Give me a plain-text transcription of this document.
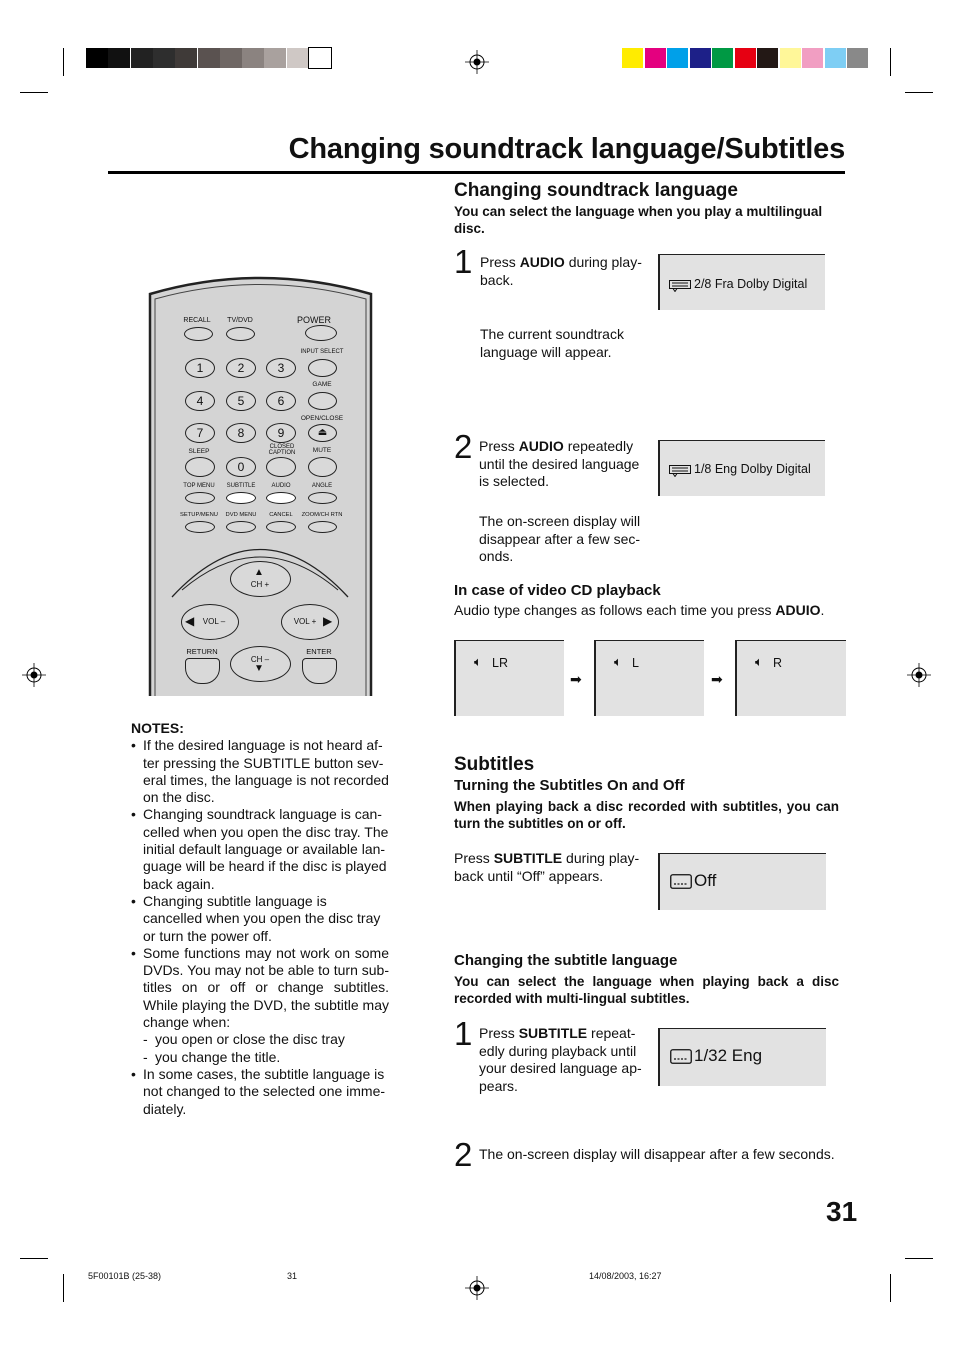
Changing soundtrack language/Subtitles
RECALL TV/DVD	POWER
INPUT SELECT
GAME
OPEN/CLOSE
1	2	3
4	5	6
7	8	9	⏏
SLEEP
CLOSED CAPTION	MUTE
0
TOP MENU SUBTITLE	AUDIO	ANGLE
SETUP/MENU DVD MENU CANCEL ZOOM/CH RTN
▲
CH +
◀ VOL –	▶
VOL +
RETURN	ENTER
CH –
▼
Changing soundtrack language
You can select the language when you play a multilingual disc.
1 Press AUDIO during play-back.	2/8 Fra Dolby Digital
The current soundtrack language will appear.
2 Press AUDIO repeatedly until the desired language is selected.
1/8 Eng Dolby Digital
The on-screen display will disappear after a few sec-onds.
In case of video CD playback
Audio type changes as follows each time you press ADUIO.
🔈︎ LR
➡
🔈︎ L
➡
🔈︎ R
Subtitles
Turning the Subtitles On and Off
When playing back a disc recorded with subtitles, you can turn the subtitles on or off.
Press SUBTITLE during play-back until “Off” appears.	Off
Changing the subtitle language
You can select the language when playing back a disc recorded with multi-lingual subtitles.
1 Press SUBTITLE repeat-edly during playback until your desired language ap-pears.
1/32 Eng
2 The on-screen display will disappear after a few seconds.
NOTES:
• If the desired language is not heard af-ter pressing the SUBTITLE button sev-eral times, the language is not recorded on the disc.
• Changing soundtrack language is can-celled when you open the disc tray. The initial default language or available lan-guage will be heard if the disc is played back again.
• Changing subtitle language is cancelled when you open the disc tray or turn the power off.
• Some functions may not work on some DVDs. You may not be able to turn sub-titles on or off or change subtitles. While playing the DVD, the subtitle may change when:
- you open or close the disc tray
- you change the title.
• In some cases, the subtitle language is not changed to the selected one imme-diately.
31
5F00101B (25-38)	31	14/08/2003, 16:27
